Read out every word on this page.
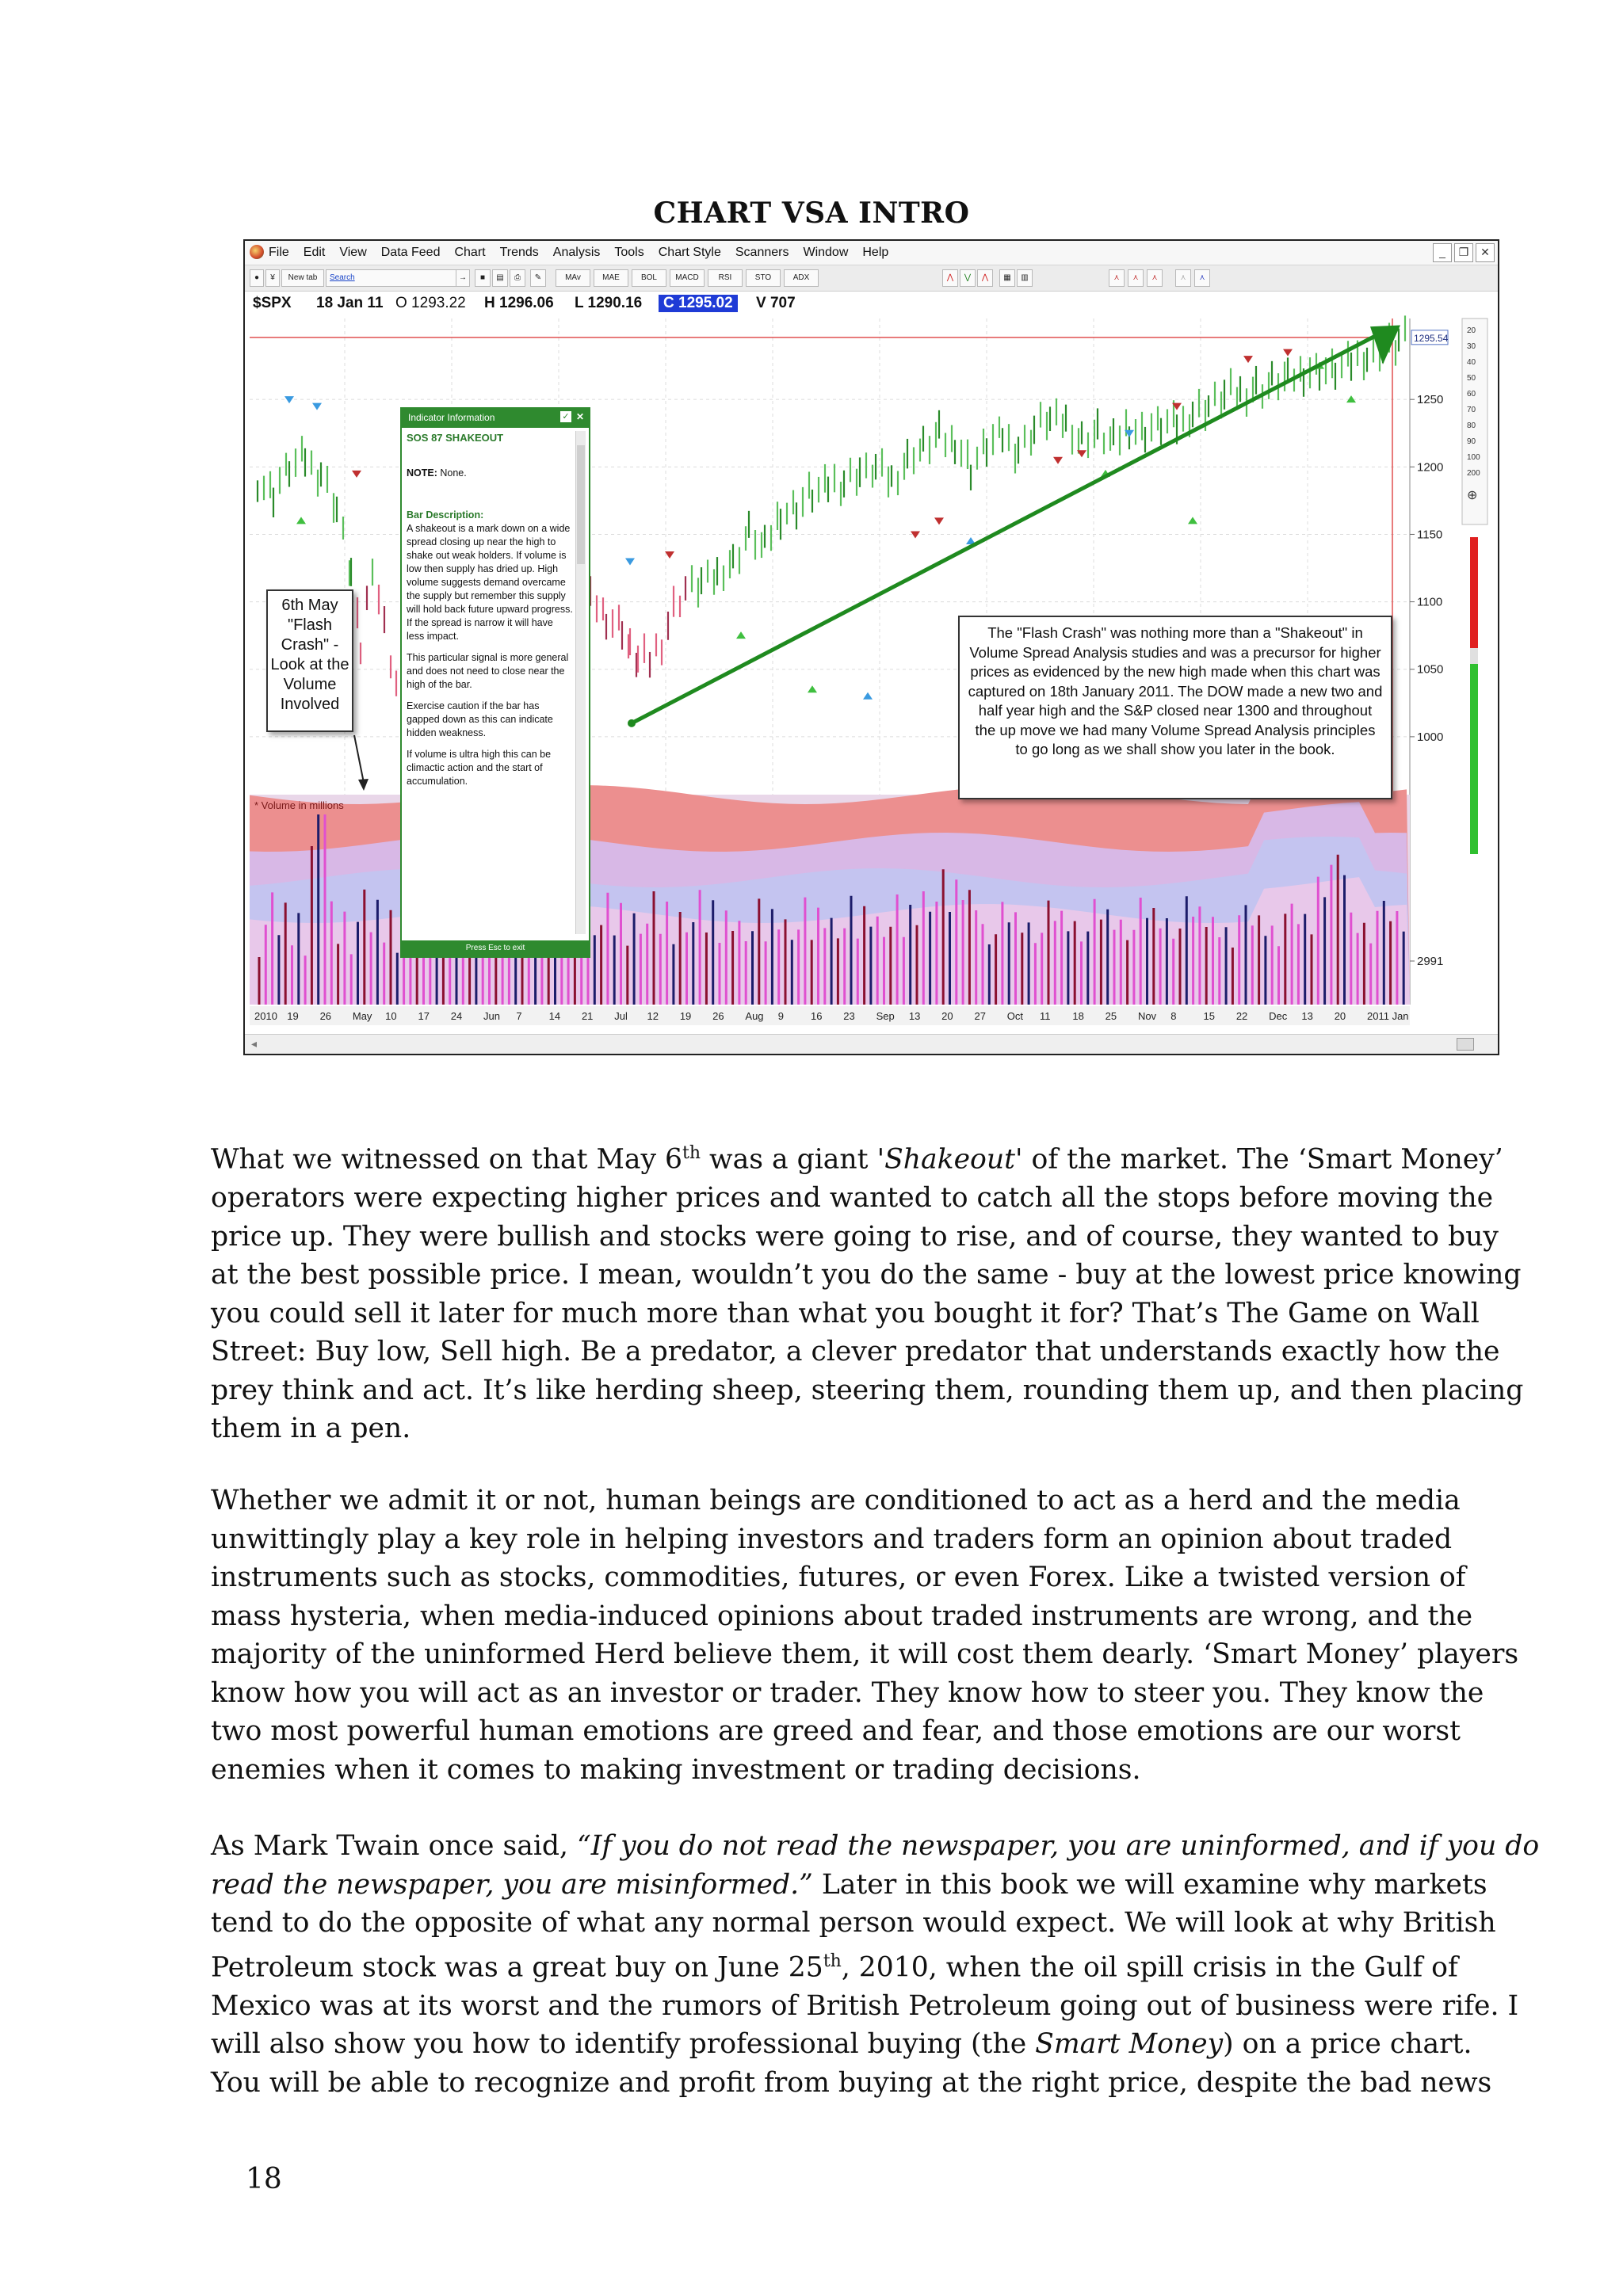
CHART VSA INTRO
File Edit View Data Feed Chart Trends Analysis Tools Chart Style Scanners Window Help	_	❐	✕
●	¥	New tab	Search	→	■	▤	⎙	✎	MAv	MAE	BOL	MACD	RSI	STO	ADX	⋀	⋁	⋀	▦	▥	⋏	⋏	⋏	⋏	⋏
$SPX 18 Jan 11 O 1293.22 H 1296.06 L 1290.16	C 1295.02	V 707
1250
1200
1150
1100
1050
1000
1295.54
20
30
40
50
60
70
80
90
100
200
⊕
* Volume in millions
2991
2010 19 26 May 10 17 24 Jun 7	14 21 Jul 12 19 26 Aug 9	16 23 Sep 13 20 27 Oct 11 18 25 Nov 8	15 22 Dec 13 20 2011 Jan
Indicator Information	✓ ✕
SOS 87 SHAKEOUT
NOTE: None.
Bar Description:
A shakeout is a mark down on a wide spread closing up near the high to shake out weak holders. If volume is low then supply has dried up. High volume suggests demand overcame the supply but remember this supply will hold back future upward progress. If the spread is narrow it will have less impact.
This particular signal is more general and does not need to close near the high of the bar.
Exercise caution if the bar has gapped down as this can indicate hidden weakness.
If volume is ultra high this can be climactic action and the start of accumulation.
Press Esc to exit
6th May "Flash Crash" - Look at the Volume Involved
The "Flash Crash" was nothing more than a "Shakeout" in Volume Spread Analysis studies and was a precursor for higher prices as evidenced by the new high made when this chart was captured on 18th January 2011. The DOW made a new two and half year high and the S&P closed near 1300 and throughout the up move we had many Volume Spread Analysis principles to go long as we shall show you later in the book.
◂

What we witnessed on that May 6th was a giant 'Shakeout' of the market. The ‘Smart Money’

operators were expecting higher prices and wanted to catch all the stops before moving the

price up. They were bullish and stocks were going to rise, and of course, they wanted to buy

at the best possible price. I mean, wouldn’t you do the same - buy at the lowest price knowing

you could sell it later for much more than what you bought it for? That’s The Game on Wall

Street: Buy low, Sell high. Be a predator, a clever predator that understands exactly how the

prey think and act. It’s like herding sheep, steering them, rounding them up, and then placing

them in a pen.

Whether we admit it or not, human beings are conditioned to act as a herd and the media

unwittingly play a key role in helping investors and traders form an opinion about traded

instruments such as stocks, commodities, futures, or even Forex. Like a twisted version of

mass hysteria, when media-induced opinions about traded instruments are wrong, and the

majority of the uninformed Herd believe them, it will cost them dearly. ‘Smart Money’ players

know how you will act as an investor or trader. They know how to steer you. They know the

two most powerful human emotions are greed and fear, and those emotions are our worst

enemies when it comes to making investment or trading decisions.

As Mark Twain once said, “If you do not read the newspaper, you are uninformed, and if you do

read the newspaper, you are misinformed.” Later in this book we will examine why markets

tend to do the opposite of what any normal person would expect. We will look at why British

Petroleum stock was a great buy on June 25th, 2010, when the oil spill crisis in the Gulf of

Mexico was at its worst and the rumors of British Petroleum going out of business were rife. I

will also show you how to identify professional buying (the Smart Money) on a price chart.

You will be able to recognize and profit from buying at the right price, despite the bad news

18
